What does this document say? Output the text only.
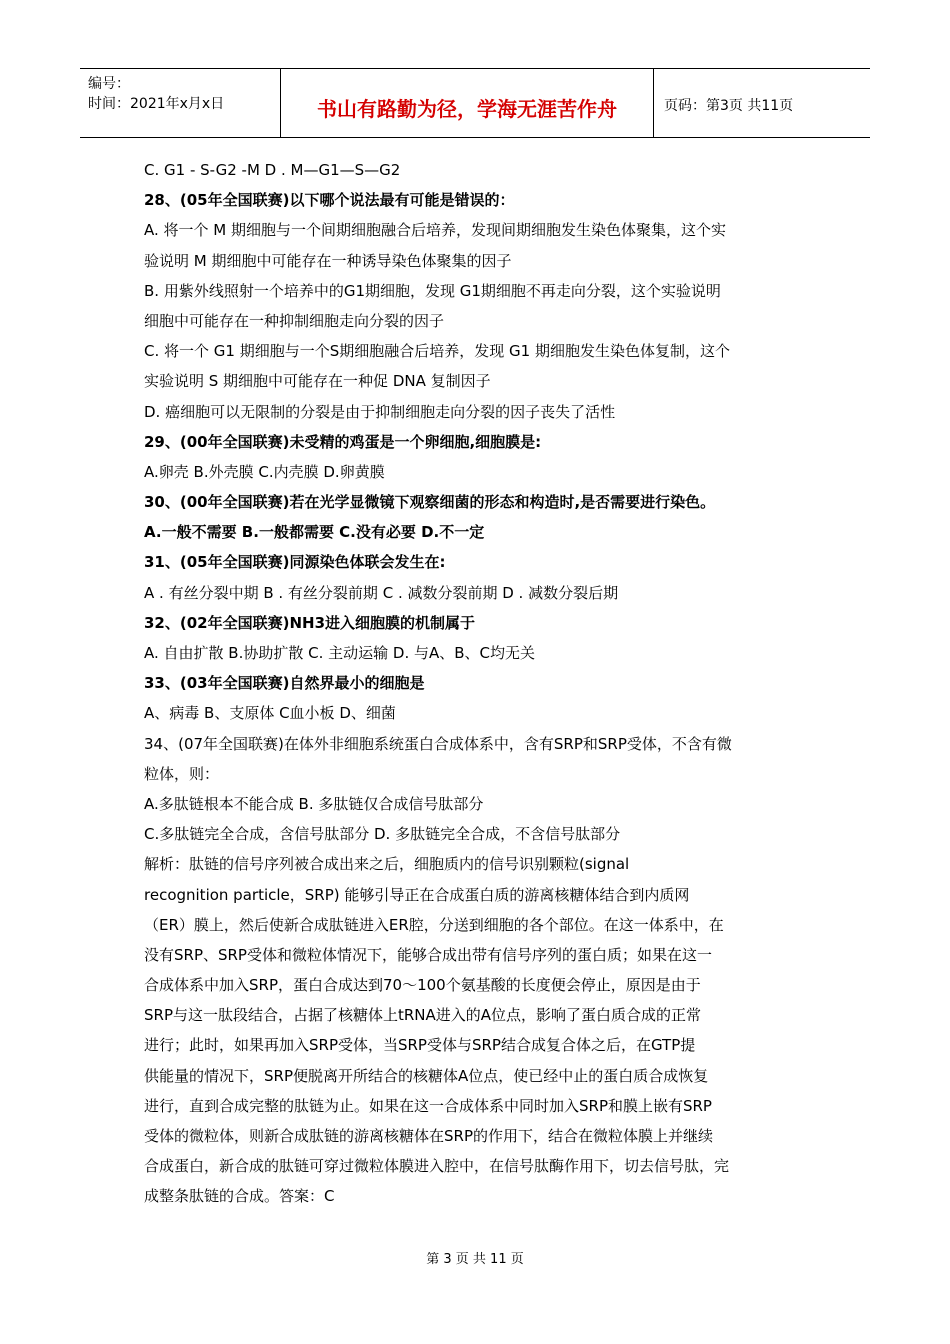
编号：
时间：2021年x月x日	书山有路勤为径，学海无涯苦作舟	页码：第3页 共11页
C. G1 - S-G2 -M D . M—G1—S—G2
28、(05年全国联赛)以下哪个说法最有可能是错误的：
A. 将一个 M 期细胞与一个间期细胞融合后培养，发现间期细胞发生染色体聚集，这个实
验说明 M 期细胞中可能存在一种诱导染色体聚集的因子
B. 用紫外线照射一个培养中的G1期细胞，发现 G1期细胞不再走向分裂，这个实验说明
细胞中可能存在一种抑制细胞走向分裂的因子
C. 将一个 G1 期细胞与一个S期细胞融合后培养，发现 G1 期细胞发生染色体复制，这个
实验说明 S 期细胞中可能存在一种促 DNA 复制因子
D. 癌细胞可以无限制的分裂是由于抑制细胞走向分裂的因子丧失了活性
29、(00年全国联赛)未受精的鸡蛋是一个卵细胞,细胞膜是:
A.卵壳 B.外壳膜 C.内壳膜 D.卵黄膜
30、(00年全国联赛)若在光学显微镜下观察细菌的形态和构造时,是否需要进行染色。
A.一般不需要 B.一般都需要 C.没有必要 D.不一定
31、(05年全国联赛)同源染色体联会发生在:
A . 有丝分裂中期 B . 有丝分裂前期 C . 减数分裂前期 D . 减数分裂后期
32、(02年全国联赛)NH3进入细胞膜的机制属于
A. 自由扩散 B.协助扩散 C. 主动运输 D. 与A、B、C均无关
33、(03年全国联赛)自然界最小的细胞是
A、病毒 B、支原体 C血小板 D、细菌
34、(07年全国联赛)在体外非细胞系统蛋白合成体系中，含有SRP和SRP受体，不含有微
粒体，则：
A.多肽链根本不能合成 B. 多肽链仅合成信号肽部分
C.多肽链完全合成，含信号肽部分 D. 多肽链完全合成，不含信号肽部分
解析：肽链的信号序列被合成出来之后，细胞质内的信号识别颗粒(signal
recognition particle，SRP) 能够引导正在合成蛋白质的游离核糖体结合到内质网
（ER）膜上，然后使新合成肽链进入ER腔，分送到细胞的各个部位。在这一体系中，在
没有SRP、SRP受体和微粒体情况下，能够合成出带有信号序列的蛋白质；如果在这一
合成体系中加入SRP，蛋白合成达到70～100个氨基酸的长度便会停止，原因是由于
SRP与这一肽段结合，占据了核糖体上tRNA进入的A位点，影响了蛋白质合成的正常
进行；此时，如果再加入SRP受体，当SRP受体与SRP结合成复合体之后，在GTP提
供能量的情况下，SRP便脱离开所结合的核糖体A位点，使已经中止的蛋白质合成恢复
进行，直到合成完整的肽链为止。如果在这一合成体系中同时加入SRP和膜上嵌有SRP
受体的微粒体，则新合成肽链的游离核糖体在SRP的作用下，结合在微粒体膜上并继续
合成蛋白，新合成的肽链可穿过微粒体膜进入腔中，在信号肽酶作用下，切去信号肽，完
成整条肽链的合成。答案：C
第 3 页 共 11 页
